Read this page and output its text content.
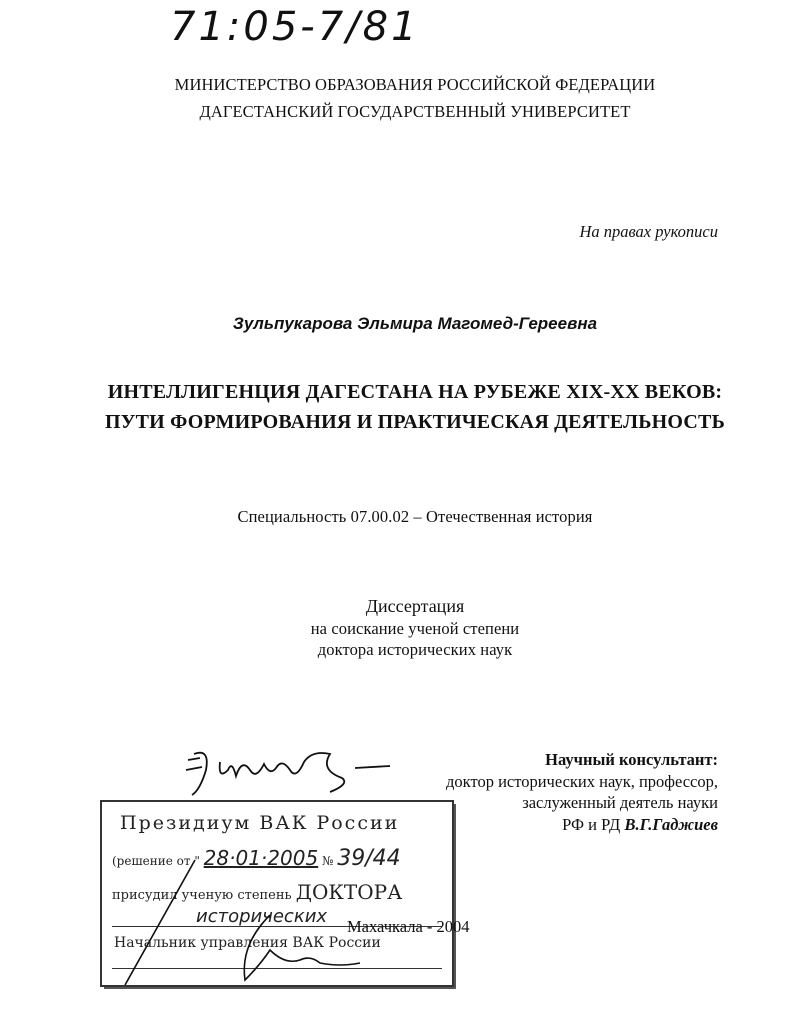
71:05-7/81
МИНИСТЕРСТВО ОБРАЗОВАНИЯ РОССИЙСКОЙ ФЕДЕРАЦИИ
ДАГЕСТАНСКИЙ ГОСУДАРСТВЕННЫЙ УНИВЕРСИТЕТ
На правах рукописи
Зульпукарова Эльмира Магомед-Гереевна
ИНТЕЛЛИГЕНЦИЯ ДАГЕСТАНА НА РУБЕЖЕ XIX-XX ВЕКОВ:
ПУТИ ФОРМИРОВАНИЯ И ПРАКТИЧЕСКАЯ ДЕЯТЕЛЬНОСТЬ
Специальность 07.00.02 – Отечественная история
Диссертация
на соискание ученой степени
доктора исторических наук
Научный консультант:
доктор исторических наук, профессор,
заслуженный деятель науки
РФ и РД В.Г.Гаджиев
Президиум ВАК России
(решение от " 28·01·2005 № 39/44
присудил ученую степень ДОКТОРА
исторических
Начальник управления ВАК России
Махачкала - 2004
